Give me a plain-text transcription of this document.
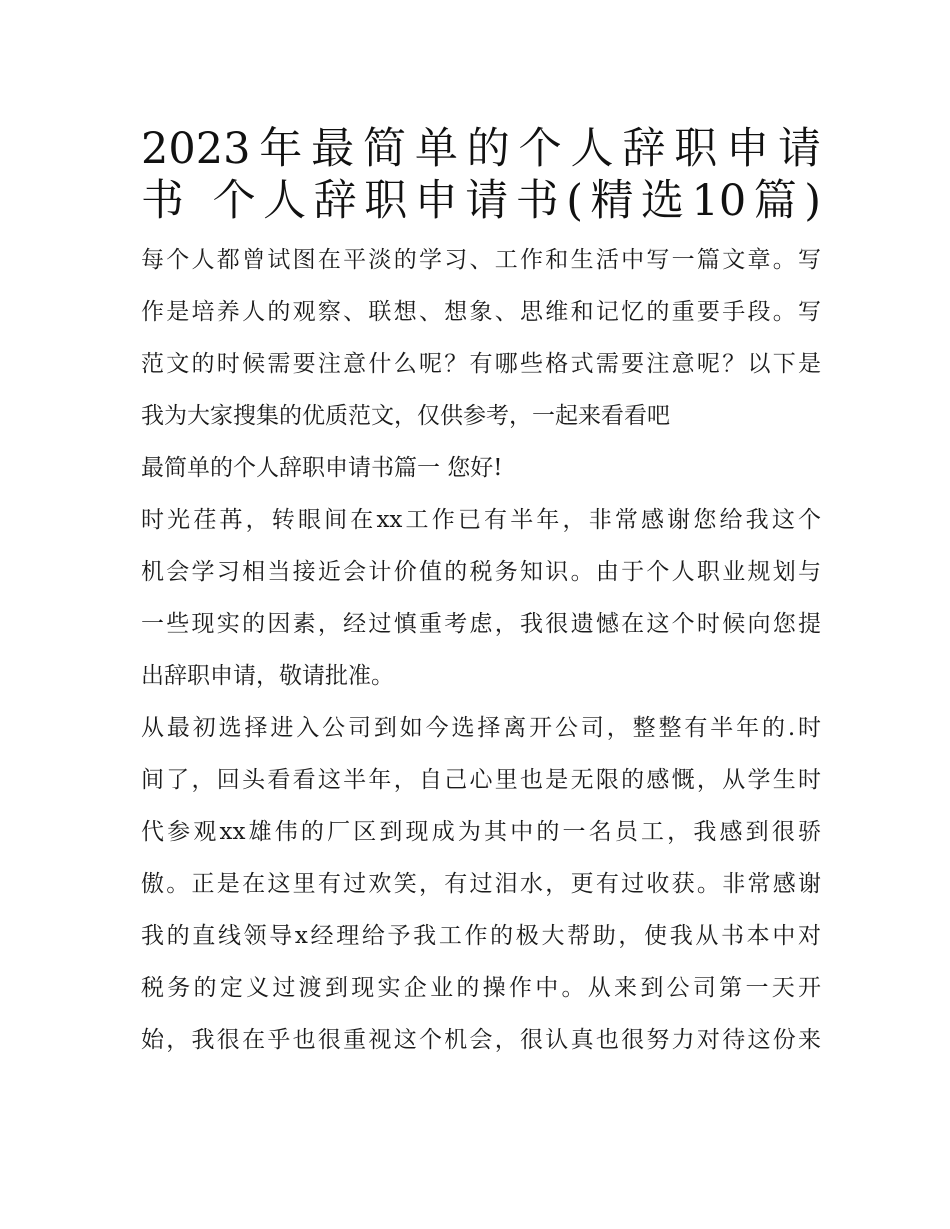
2023年最简单的个人辞职申请
书 个人辞职申请书(精选10篇)
每个人都曾试图在平淡的学习、工作和生活中写一篇文章。写
作是培养人的观察、联想、想象、思维和记忆的重要手段。写
范文的时候需要注意什么呢？有哪些格式需要注意呢？以下是
我为大家搜集的优质范文，仅供参考，一起来看看吧
最简单的个人辞职申请书篇一 您好!
时光荏苒，转眼间在xx工作已有半年，非常感谢您给我这个
机会学习相当接近会计价值的税务知识。由于个人职业规划与
一些现实的因素，经过慎重考虑，我很遗憾在这个时候向您提
出辞职申请，敬请批准。
从最初选择进入公司到如今选择离开公司，整整有半年的.时
间了，回头看看这半年，自己心里也是无限的感慨，从学生时
代参观xx雄伟的厂区到现成为其中的一名员工，我感到很骄
傲。正是在这里有过欢笑，有过泪水，更有过收获。非常感谢
我的直线领导x经理给予我工作的极大帮助，使我从书本中对
税务的定义过渡到现实企业的操作中。从来到公司第一天开
始，我很在乎也很重视这个机会，很认真也很努力对待这份来
